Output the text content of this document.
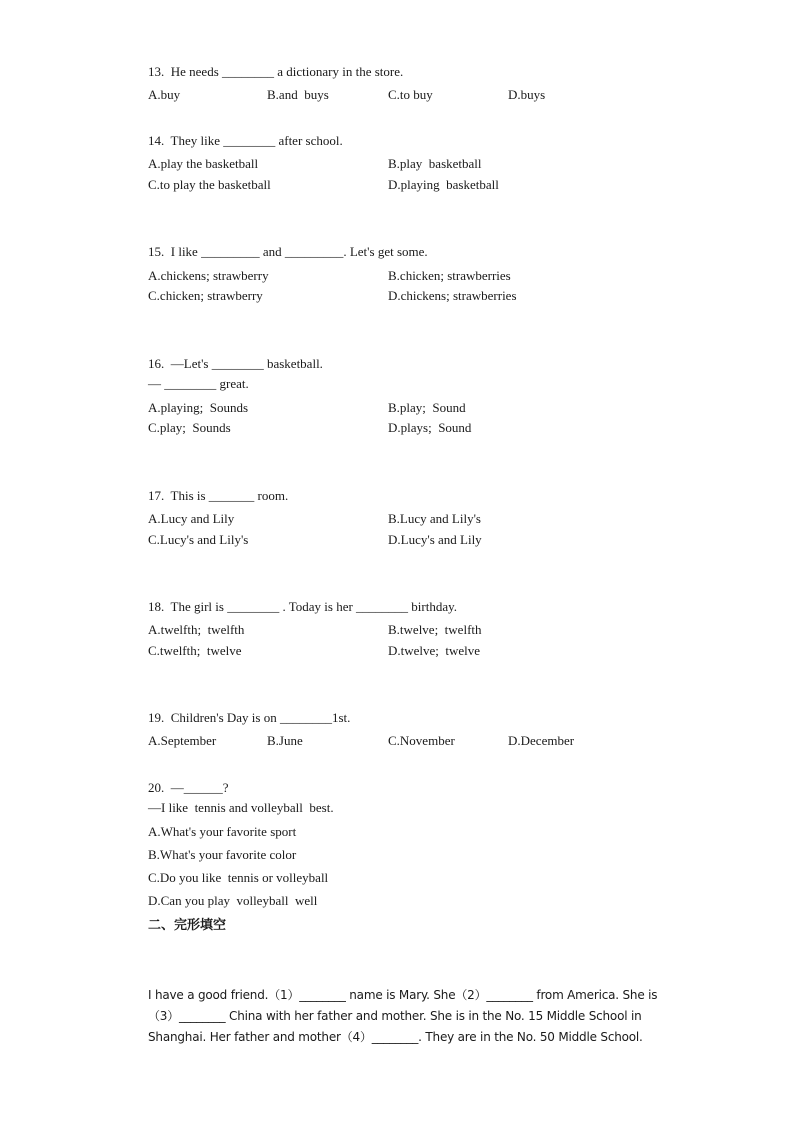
13.  He needs ________ a dictionary in the store.
A.buy	B.and  buys	C.to buy	D.buys
14.  They like ________ after school.
A.play the basketball	B.play  basketball
C.to play the basketball	D.playing  basketball
15.  I like _________ and _________. Let's get some.
A.chickens; strawberry	B.chicken; strawberries
C.chicken; strawberry	D.chickens; strawberries
16.  —Let's ________ basketball.
— ________ great.
A.playing;  Sounds	B.play;  Sound
C.play;  Sounds	D.plays;  Sound
17.  This is _______ room.
A.Lucy and Lily	B.Lucy and Lily's
C.Lucy's and Lily's	D.Lucy's and Lily
18.  The girl is ________ . Today is her ________ birthday.
A.twelfth;  twelfth	B.twelve;  twelfth
C.twelfth;  twelve	D.twelve;  twelve
19.  Children's Day is on ________1st.
A.September	B.June	C.November	D.December
20.  —______?
—I like  tennis and volleyball  best.
A.What's your favorite sport
B.What's your favorite color
C.Do you like  tennis or volleyball
D.Can you play  volleyball  well
二、完形填空
I have a good friend.（1）________ name is Mary. She（2）________ from America. She is
（3）________ China with her father and mother. She is in the No. 15 Middle School in
Shanghai. Her father and mother（4）________. They are in the No. 50 Middle School.
